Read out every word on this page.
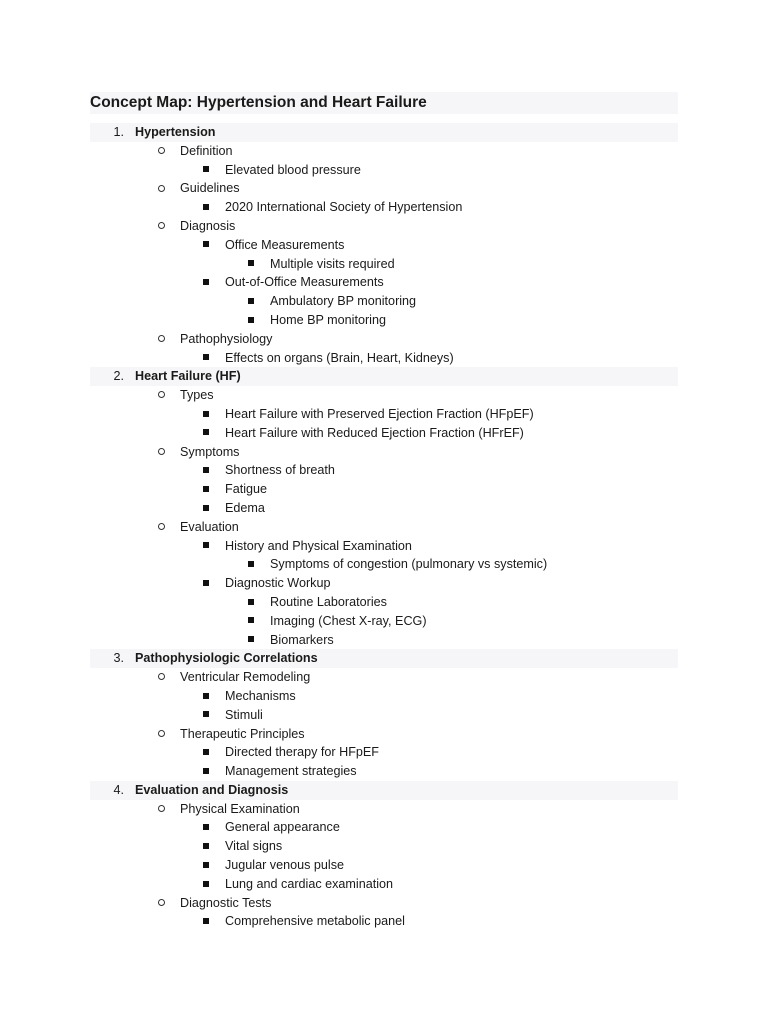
Concept Map: Hypertension and Heart Failure
1. Hypertension
Definition
Elevated blood pressure
Guidelines
2020 International Society of Hypertension
Diagnosis
Office Measurements
Multiple visits required
Out-of-Office Measurements
Ambulatory BP monitoring
Home BP monitoring
Pathophysiology
Effects on organs (Brain, Heart, Kidneys)
2. Heart Failure (HF)
Types
Heart Failure with Preserved Ejection Fraction (HFpEF)
Heart Failure with Reduced Ejection Fraction (HFrEF)
Symptoms
Shortness of breath
Fatigue
Edema
Evaluation
History and Physical Examination
Symptoms of congestion (pulmonary vs systemic)
Diagnostic Workup
Routine Laboratories
Imaging (Chest X-ray, ECG)
Biomarkers
3. Pathophysiologic Correlations
Ventricular Remodeling
Mechanisms
Stimuli
Therapeutic Principles
Directed therapy for HFpEF
Management strategies
4. Evaluation and Diagnosis
Physical Examination
General appearance
Vital signs
Jugular venous pulse
Lung and cardiac examination
Diagnostic Tests
Comprehensive metabolic panel
